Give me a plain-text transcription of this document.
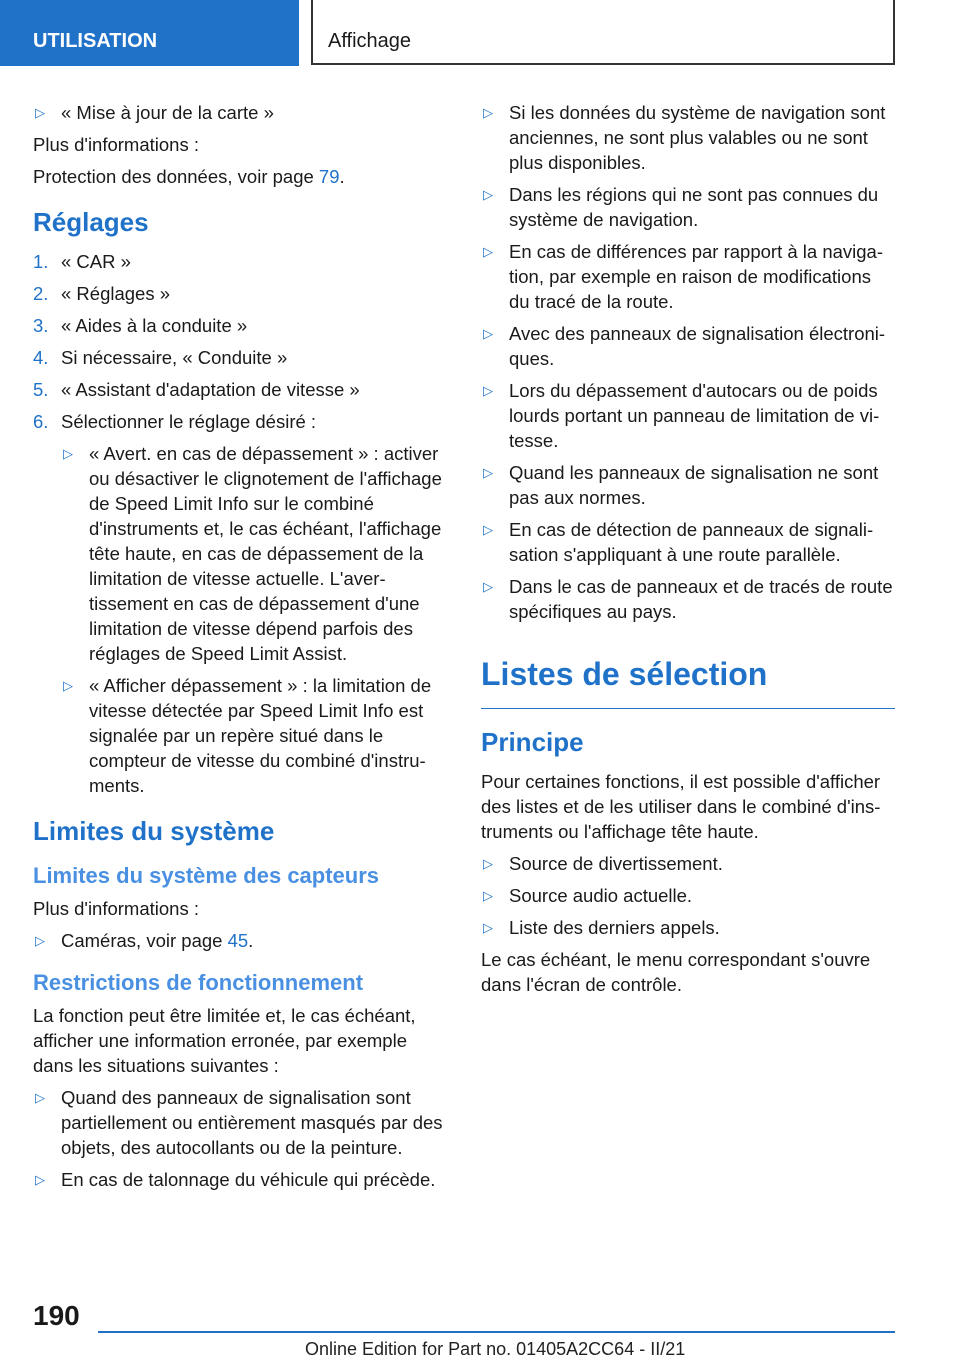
UTILISATION	Affichage
▷ « Mise à jour de la carte »

Plus d'informations :

Protection des données, voir page 79.

Réglages
1. « CAR »
2. « Réglages »
3. « Aides à la conduite »
4. Si nécessaire, « Conduite »
5. « Assistant d'adaptation de vitesse »
6. Sélectionner le réglage désiré :
▷ « Avert. en cas de dépassement » : activer ou désactiver le clignotement de l'affichage de Speed Limit Info sur le combiné d'instruments et, le cas échéant, l'affichage tête haute, en cas de dépassement de la limitation de vitesse actuelle. L'avertissement en cas de dépassement d'une limitation de vitesse dépend parfois des réglages de Speed Limit Assist.
▷ « Afficher dépassement » : la limitation de vitesse détectée par Speed Limit Info est signalée par un repère situé dans le compteur de vitesse du combiné d'instruments.
Limites du système
Limites du système des capteurs

Plus d'informations :

▷ Caméras, voir page 45.
Restrictions de fonctionnement

La fonction peut être limitée et, le cas échéant, afficher une information erronée, par exemple dans les situations suivantes :

▷ Quand des panneaux de signalisation sont partiellement ou entièrement masqués par des objets, des autocollants ou de la peinture.
▷ En cas de talonnage du véhicule qui précède.
▷ Si les données du système de navigation sont anciennes, ne sont plus valables ou ne sont plus disponibles.
▷ Dans les régions qui ne sont pas connues du système de navigation.
▷ En cas de différences par rapport à la navigation, par exemple en raison de modifications du tracé de la route.
▷ Avec des panneaux de signalisation électroniques.
▷ Lors du dépassement d'autocars ou de poids lourds portant un panneau de limitation de vitesse.
▷ Quand les panneaux de signalisation ne sont pas aux normes.
▷ En cas de détection de panneaux de signalisation s'appliquant à une route parallèle.
▷ Dans le cas de panneaux et de tracés de route spécifiques au pays.
Listes de sélection
Principe

Pour certaines fonctions, il est possible d'afficher des listes et de les utiliser dans le combiné d'instruments ou l'affichage tête haute.

▷ Source de divertissement.
▷ Source audio actuelle.
▷ Liste des derniers appels.

Le cas échéant, le menu correspondant s'ouvre dans l'écran de contrôle.

190
Online Edition for Part no. 01405A2CC64 - II/21
